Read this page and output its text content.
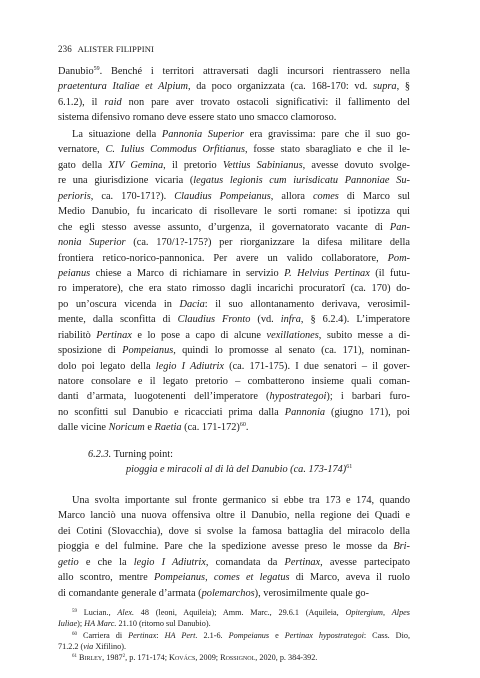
236 ALISTER FILIPPINI
Danubio$^{59}$. Benché i territori attraversati dagli incursori rientrassero nella
praetentura Italiae et Alpium, da poco organizzata (ca. 168-170: vd. supra, §
6.1.2), il raid non pare aver trovato ostacoli significativi: il fallimento del
sistema difensivo romano deve essere stato uno smacco clamoroso.
La situazione della Pannonia Superior era gravissima: pare che il suo go-
vernatore, C. Iulius Commodus Orfitianus, fosse stato sbaragliato e che il le-
gato della XIV Gemina, il pretorio Vettius Sabinianus, avesse dovuto svolge-
re una giurisdizione vicaria (legatus legionis cum iurisdicatu Pannoniae Su-
perioris, ca. 170-171?). Claudius Pompeianus, allora comes di Marco sul
Medio Danubio, fu incaricato di risollevare le sorti romane: si ipotizza qui
che egli stesso avesse assunto, d’urgenza, il governatorato vacante di Pan-
nonia Superior (ca. 170/1?-175?) per riorganizzare la difesa militare della
frontiera retico-norico-pannonica. Per avere un valido collaboratore, Pom-
peianus chiese a Marco di richiamare in servizio P. Helvius Pertinax (il futu-
ro imperatore), che era stato rimosso dagli incarichi procuratorî (ca. 170) do-
po un’oscura vicenda in Dacia: il suo allontanamento derivava, verosimil-
mente, dalla sconfitta di Claudius Fronto (vd. infra, § 6.2.4). L’imperatore
riabilitò Pertinax e lo pose a capo di alcune vexillationes, subito messe a di-
sposizione di Pompeianus, quindi lo promosse al senato (ca. 171), nominan-
dolo poi legato della legio I Adiutrix (ca. 171-175). I due senatori – il gover-
natore consolare e il legato pretorio – combatterono insieme quali coman-
danti d’armata, luogotenenti dell’imperatore (hypostrategoi); i barbari furo-
no sconfitti sul Danubio e ricacciati prima dalla Pannonia (giugno 171), poi
dalle vicine Noricum e Raetia (ca. 171-172)$^{60}$.
6.2.3. Turning point:
pioggia e miracoli al di là del Danubio (ca. 173-174)$^{61}$
Una svolta importante sul fronte germanico si ebbe tra 173 e 174, quando
Marco lanciò una nuova offensiva oltre il Danubio, nella regione dei Quadi e
dei Cotini (Slovacchia), dove si svolse la famosa battaglia del miracolo della
pioggia e del fulmine. Pare che la spedizione avesse preso le mosse da Bri-
getio e che la legio I Adiutrix, comandata da Pertinax, avesse partecipato
allo scontro, mentre Pompeianus, comes et legatus di Marco, aveva il ruolo
di comandante generale d’armata (polemarchos), verosimilmente quale go-
$^{59}$ Lucian., Alex. 48 (leoni, Aquileia); Amm. Marc., 29.6.1 (Aquileia, Opitergium, Alpes
Iuliae); HA Marc. 21.10 (ritorno sul Danubio).
$^{60}$ Carriera di Pertinax: HA Pert. 2.1-6. Pompeianus e Pertinax hypostrategoi: Cass. Dio,
71.2.2 (via Xifilino).
$^{61}$ Birley, 1987$^2$, p. 171-174; Kovács, 2009; Rossignol, 2020, p. 384-392.
